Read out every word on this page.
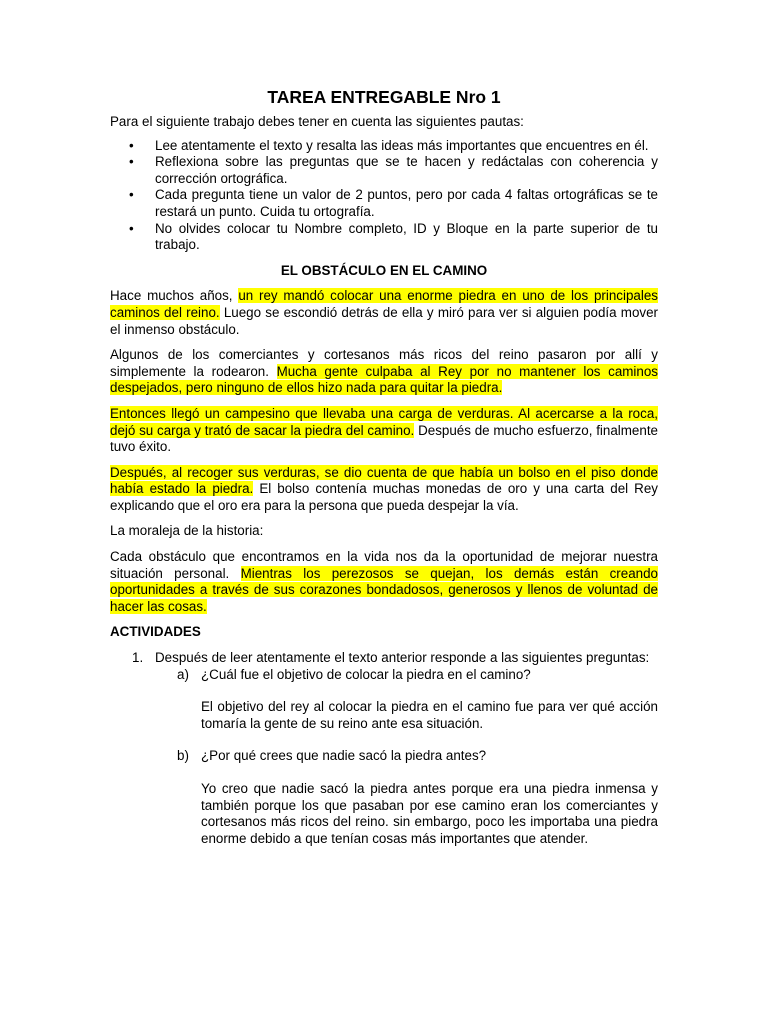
TAREA ENTREGABLE Nro 1

Para el siguiente trabajo debes tener en cuenta las siguientes pautas:

• Lee atentamente el texto y resalta las ideas más importantes que encuentres en él.
• Reflexiona sobre las preguntas que se te hacen y redáctalas con coherencia y corrección ortográfica.
• Cada pregunta tiene un valor de 2 puntos, pero por cada 4 faltas ortográficas se te restará un punto. Cuida tu ortografía.
• No olvides colocar tu Nombre completo, ID y Bloque en la parte superior de tu trabajo.
EL OBSTÁCULO EN EL CAMINO

Hace muchos años, un rey mandó colocar una enorme piedra en uno de los principales caminos del reino. Luego se escondió detrás de ella y miró para ver si alguien podía mover el inmenso obstáculo.

Algunos de los comerciantes y cortesanos más ricos del reino pasaron por allí y simplemente la rodearon. Mucha gente culpaba al Rey por no mantener los caminos despejados, pero ninguno de ellos hizo nada para quitar la piedra.

Entonces llegó un campesino que llevaba una carga de verduras. Al acercarse a la roca, dejó su carga y trató de sacar la piedra del camino. Después de mucho esfuerzo, finalmente tuvo éxito.

Después, al recoger sus verduras, se dio cuenta de que había un bolso en el piso donde había estado la piedra. El bolso contenía muchas monedas de oro y una carta del Rey explicando que el oro era para la persona que pueda despejar la vía.

La moraleja de la historia:

Cada obstáculo que encontramos en la vida nos da la oportunidad de mejorar nuestra situación personal. Mientras los perezosos se quejan, los demás están creando oportunidades a través de sus corazones bondadosos, generosos y llenos de voluntad de hacer las cosas.

ACTIVIDADES

1. Después de leer atentamente el texto anterior responde a las siguientes preguntas:
a) ¿Cuál fue el objetivo de colocar la piedra en el camino?

El objetivo del rey al colocar la piedra en el camino fue para ver qué acción tomaría la gente de su reino ante esa situación.

b) ¿Por qué crees que nadie sacó la piedra antes?

Yo creo que nadie sacó la piedra antes porque era una piedra inmensa y también porque los que pasaban por ese camino eran los comerciantes y cortesanos más ricos del reino. sin embargo, poco les importaba una piedra enorme debido a que tenían cosas más importantes que atender.
